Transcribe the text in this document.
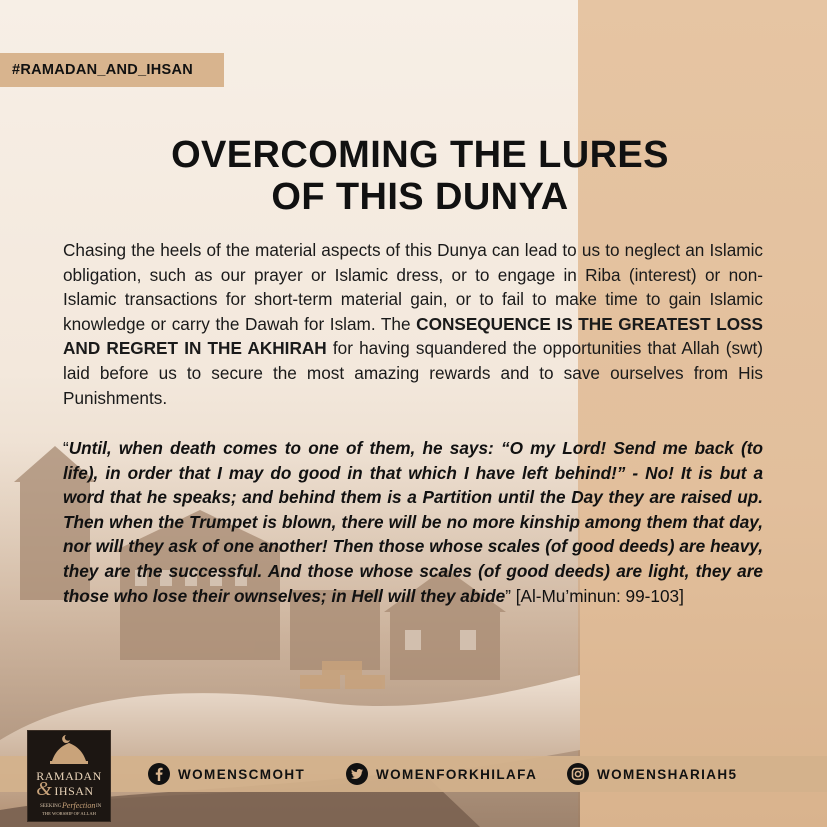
#RAMADAN_AND_IHSAN
OVERCOMING THE LURES
OF THIS DUNYA
Chasing the heels of the material aspects of this Dunya can lead to us to neglect an Islamic obligation, such as our prayer or Islamic dress, or to engage in Riba (interest) or non-Islamic transactions for short-term material gain, or to fail to make time to gain Islamic knowledge or carry the Dawah for Islam. The CONSEQUENCE IS THE GREATEST LOSS AND REGRET IN THE AKHIRAH for having squandered the opportunities that Allah (swt) laid before us to secure the most amazing rewards and to save ourselves from His Punishments.
“Until, when death comes to one of them, he says: “O my Lord! Send me back (to life), in order that I may do good in that which I have left behind!” - No! It is but a word that he speaks; and behind them is a Partition until the Day they are raised up. Then when the Trumpet is blown, there will be no more kinship among them that day, nor will they ask of one another! Then those whose scales (of good deeds) are heavy, they are the successful. And those whose scales (of good deeds) are light, they are those who lose their ownselves; in Hell will they abide” [Al-Mu’minun: 99-103]
RAMADAN
& IHSAN
SEEKING Perfection IN
THE WORSHIP OF ALLAH
WOMENSCMOHT	WOMENFORKHILAFA	WOMENSHARIAH5
